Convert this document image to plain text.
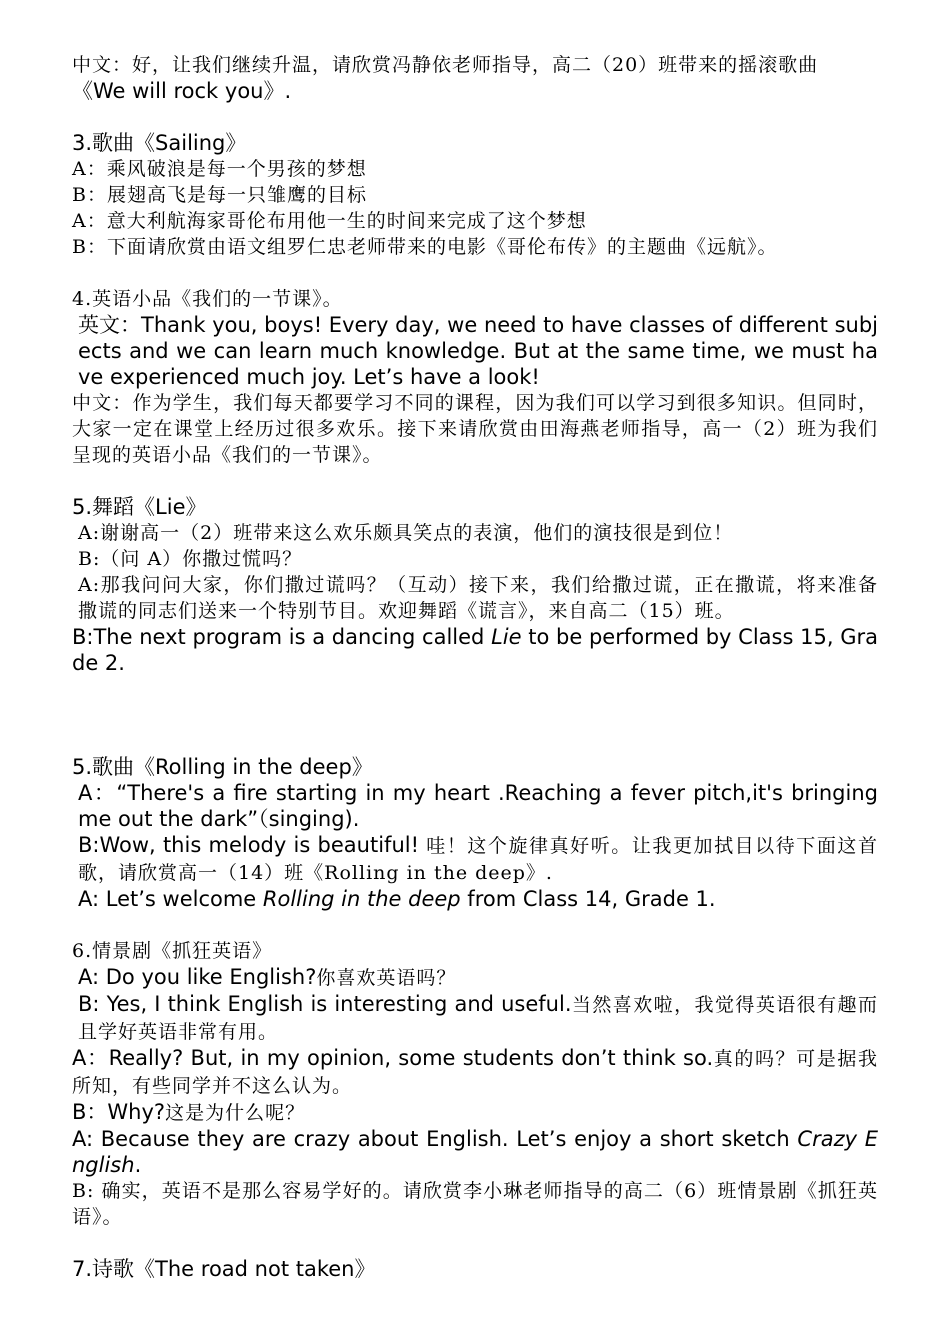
中文：好，让我们继续升温，请欣赏冯静依老师指导，高二（20）班带来的摇滚歌曲
《We will rock you》.
3.歌曲《Sailing》
A：乘风破浪是每一个男孩的梦想
B：展翅高飞是每一只雏鹰的目标
A：意大利航海家哥伦布用他一生的时间来完成了这个梦想
B：下面请欣赏由语文组罗仁忠老师带来的电影《哥伦布传》的主题曲《远航》。
4.英语小品《我们的一节课》。
英文：Thank you, boys! Every day, we need to have classes of different subjects and we can learn much knowledge. But at the same time, we must have experienced much joy. Let’s have a look!
中文：作为学生，我们每天都要学习不同的课程，因为我们可以学习到很多知识。但同时，大家一定在课堂上经历过很多欢乐。接下来请欣赏由田海燕老师指导，高一（2）班为我们呈现的英语小品《我们的一节课》。
5.舞蹈《Lie》
A:谢谢高一（2）班带来这么欢乐颇具笑点的表演，他们的演技很是到位！
B:（问 A）你撒过慌吗？
A:那我问问大家，你们撒过谎吗？（互动）接下来，我们给撒过谎，正在撒谎，将来准备撒谎的同志们送来一个特别节目。欢迎舞蹈《谎言》，来自高二（15）班。
B:The next program is a dancing called Lie to be performed by Class 15, Grade 2.
5.歌曲《Rolling in the deep》
A：“There's a fire starting in my heart .Reaching a fever pitch,it's bringing me out the dark”（singing).
B:Wow, this melody is beautiful! 哇！这个旋律真好听。让我更加拭目以待下面这首歌，请欣赏高一（14）班《Rolling in the deep》.
A: Let’s welcome Rolling in the deep from Class 14, Grade 1.
6.情景剧《抓狂英语》
A: Do you like English?你喜欢英语吗？
B: Yes, I think English is interesting and useful.当然喜欢啦，我觉得英语很有趣而且学好英语非常有用。
A：Really? But, in my opinion, some students don’t think so.真的吗？可是据我所知，有些同学并不这么认为。
B：Why?这是为什么呢？
A: Because they are crazy about English. Let’s enjoy a short sketch Crazy English.
B: 确实，英语不是那么容易学好的。请欣赏李小琳老师指导的高二（6）班情景剧《抓狂英语》。
7.诗歌《The road not taken》
